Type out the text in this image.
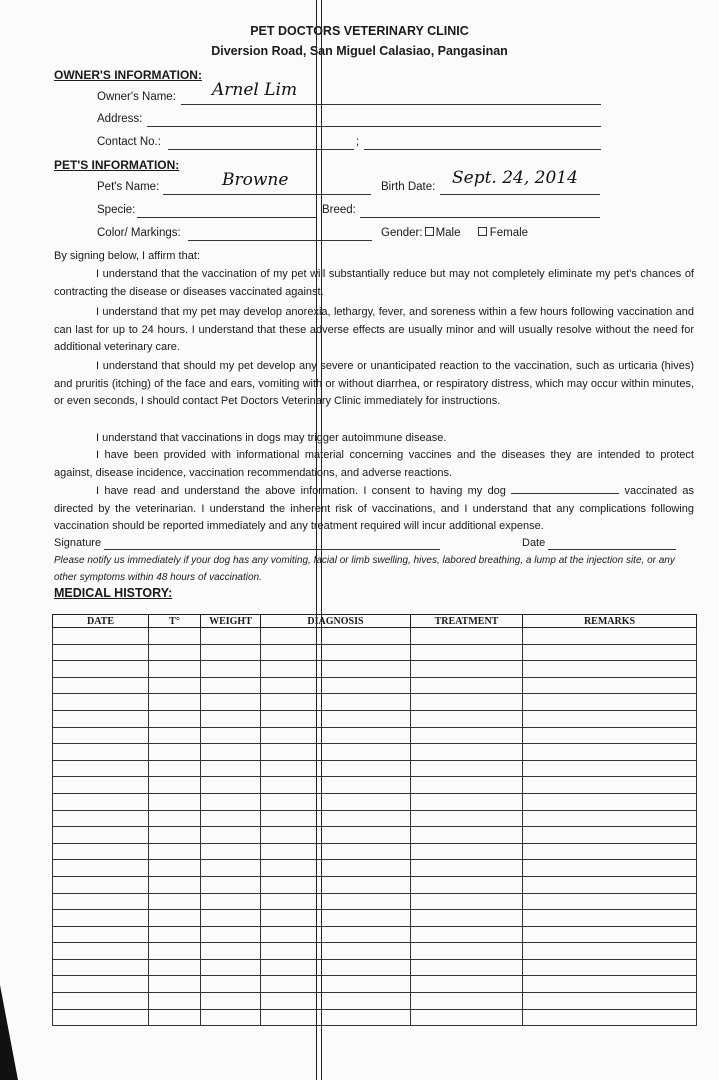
PET DOCTORS VETERINARY CLINIC
Diversion Road, San Miguel Calasiao, Pangasinan
OWNER'S INFORMATION:
Owner's Name: Arnel Lim
Address:
Contact No.:	;
PET'S INFORMATION:
Pet's Name:	Browne	Birth Date: Sept. 24, 2014
Specie:	Breed:
Color/ Markings:	Gender: Male	Female
By signing below, I affirm that:
I understand that the vaccination of my pet will substantially reduce but may not completely eliminate my pet's chances of contracting the disease or diseases vaccinated against.
I understand that my pet may develop anorexia, lethargy, fever, and soreness within a few hours following vaccination and can last for up to 24 hours. I understand that these adverse effects are usually minor and will usually resolve without the need for additional veterinary care.
I understand that should my pet develop any severe or unanticipated reaction to the vaccination, such as urticaria (hives) and pruritis (itching) of the face and ears, vomiting with or without diarrhea, or respiratory distress, which may occur within minutes, or even seconds, I should contact Pet Doctors Veterinary Clinic immediately for instructions.
I understand that vaccinations in dogs may trigger autoimmune disease.
I have been provided with informational material concerning vaccines and the diseases they are intended to protect against, disease incidence, vaccination recommendations, and adverse reactions.
I have read and understand the above information. I consent to having my dog	vaccinated as directed by the veterinarian. I understand the inherent risk of vaccinations, and I understand that any complications following vaccination should be reported immediately and any treatment required will incur additional expense.
Signature	Date
Please notify us immediately if your dog has any vomiting, facial or limb swelling, hives, labored breathing, a lump at the injection site, or any other symptoms within 48 hours of vaccination.
MEDICAL HISTORY:
DATE	T°	WEIGHT	DIAGNOSIS	TREATMENT	REMARKS
